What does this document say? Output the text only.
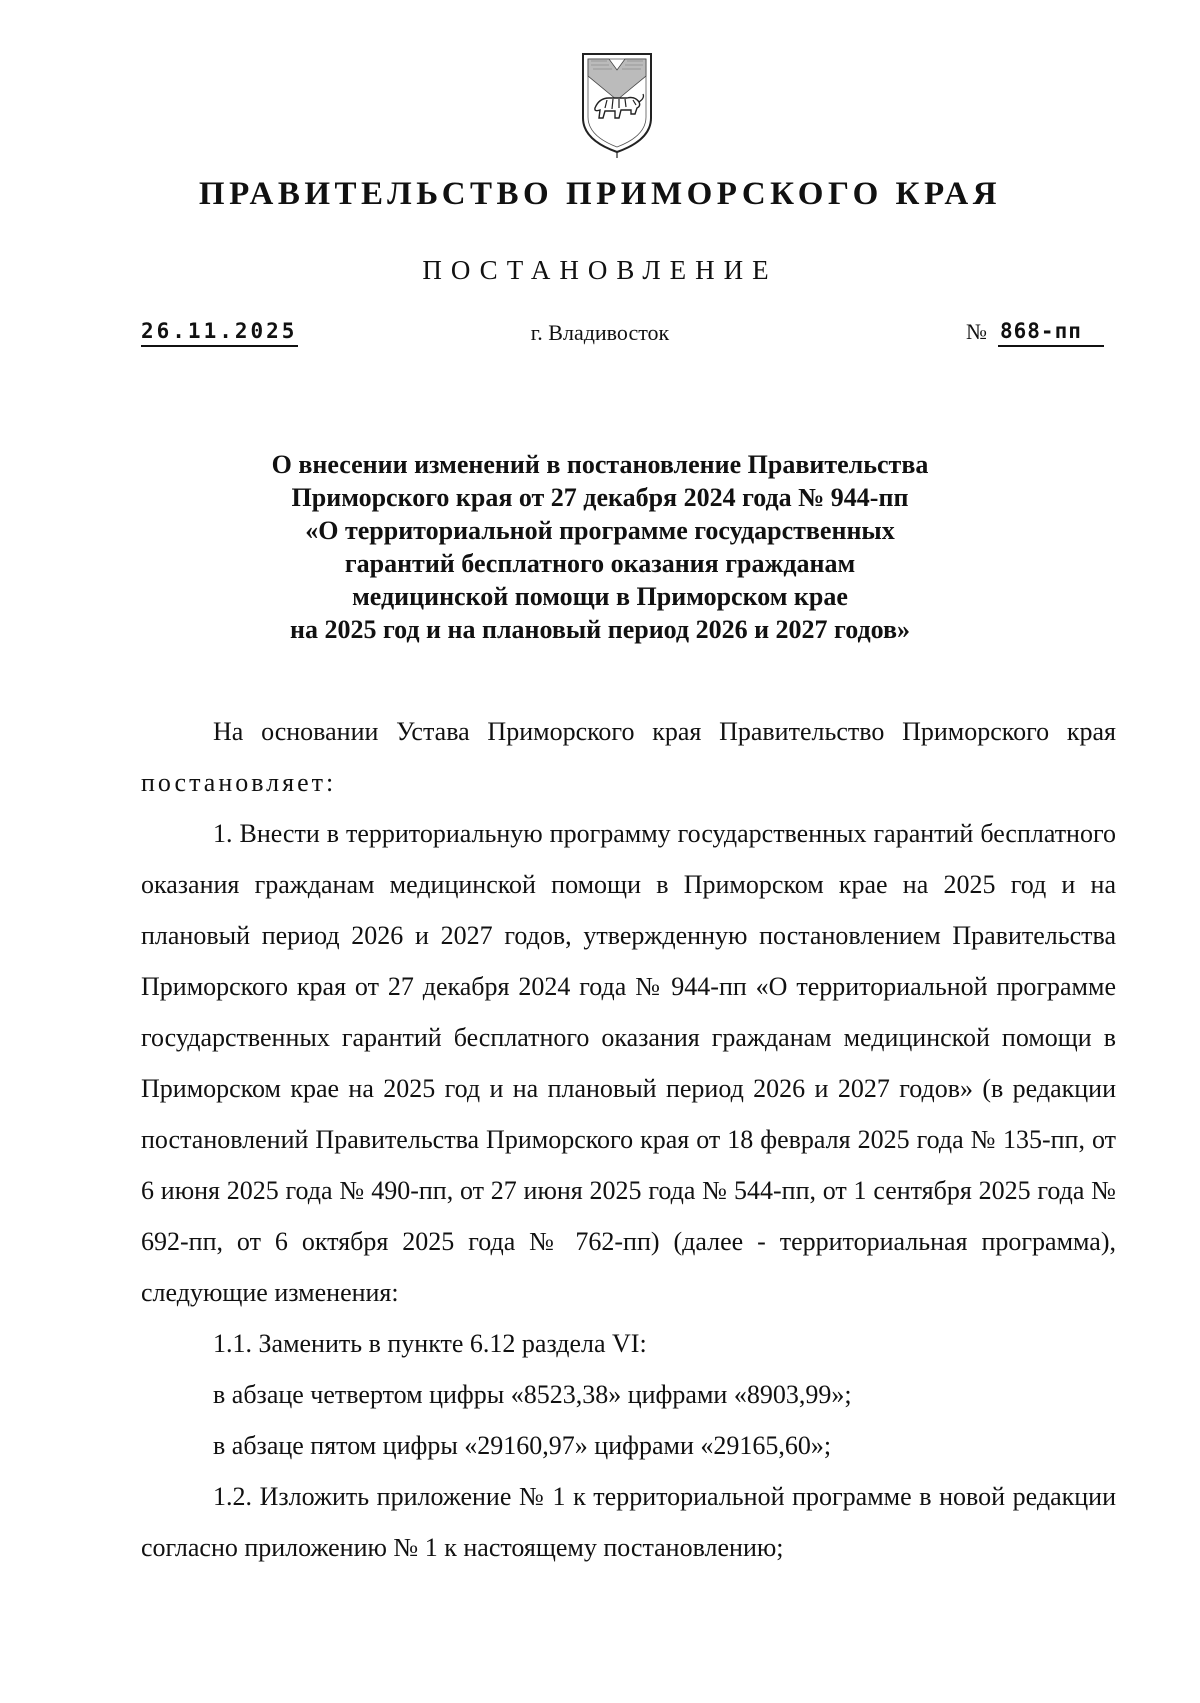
ПРАВИТЕЛЬСТВО ПРИМОРСКОГО КРАЯ
ПОСТАНОВЛЕНИЕ
26.11.2025	г. Владивосток	№ 868-пп
О внесении изменений в постановление Правительства
Приморского края от 27 декабря 2024 года № 944-пп
«О территориальной программе государственных
гарантий бесплатного оказания гражданам
медицинской помощи в Приморском крае
на 2025 год и на плановый период 2026 и 2027 годов»

На основании Устава Приморского края Правительство Приморского края постановляет:

1. Внести в территориальную программу государственных гарантий бесплатного оказания гражданам медицинской помощи в Приморском крае на 2025 год и на плановый период 2026 и 2027 годов, утвержденную постановлением Правительства Приморского края от 27 декабря 2024 года № 944-пп «О территориальной программе государственных гарантий бесплатного оказания гражданам медицинской помощи в Приморском крае на 2025 год и на плановый период 2026 и 2027 годов» (в редакции постановлений Правительства Приморского края от 18 февраля 2025 года № 135-пп, от 6 июня 2025 года № 490-пп, от 27 июня 2025 года № 544-пп, от 1 сентября 2025 года № 692-пп, от 6 октября 2025 года № 762-пп) (далее - территориальная программа), следующие изменения:

1.1. Заменить в пункте 6.12 раздела VI:

в абзаце четвертом цифры «8523,38» цифрами «8903,99»;

в абзаце пятом цифры «29160,97» цифрами «29165,60»;

1.2. Изложить приложение № 1 к территориальной программе в новой редакции согласно приложению № 1 к настоящему постановлению;
